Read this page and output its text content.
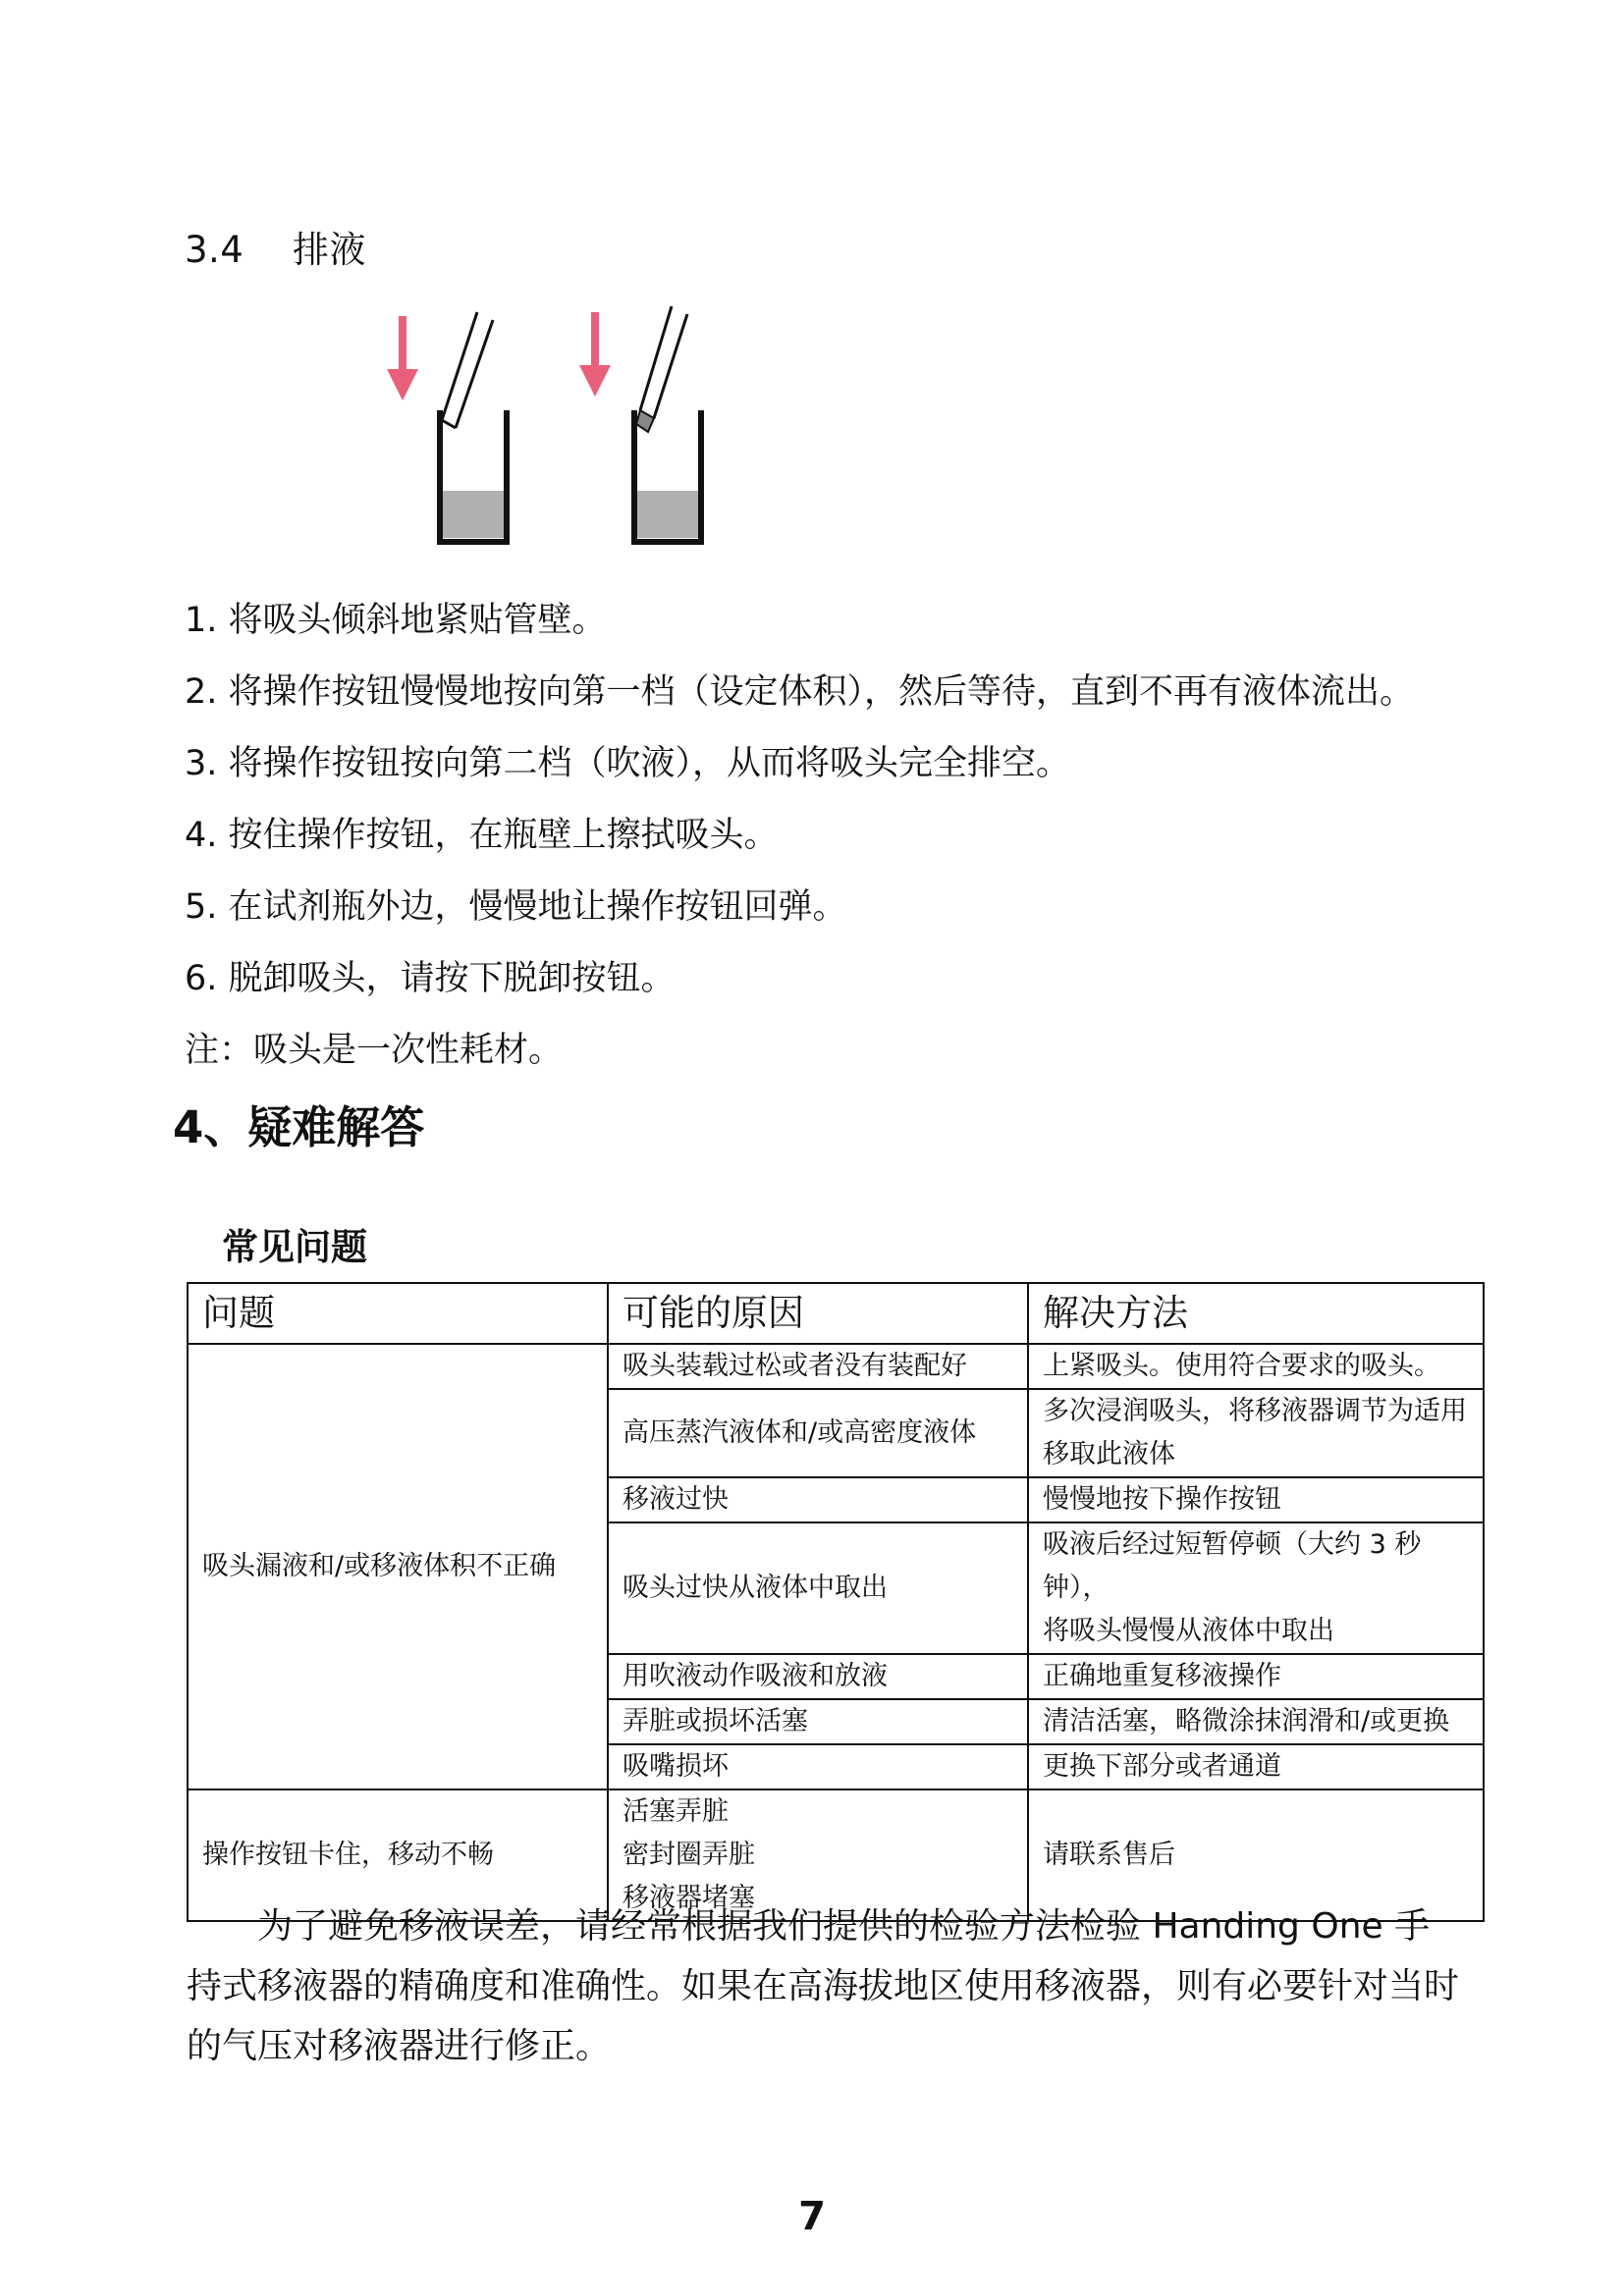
3.4 排液
1. 将吸头倾斜地紧贴管壁。
2. 将操作按钮慢慢地按向第一档（设定体积），然后等待，直到不再有液体流出。
3. 将操作按钮按向第二档（吹液），从而将吸头完全排空。
4. 按住操作按钮，在瓶壁上擦拭吸头。
5. 在试剂瓶外边，慢慢地让操作按钮回弹。
6. 脱卸吸头，请按下脱卸按钮。
注：吸头是一次性耗材。
4、疑难解答
常见问题
问题	可能的原因	解决方法
吸头漏液和/或移液体积不正确	吸头装载过松或者没有装配好	上紧吸头。使用符合要求的吸头。

	高压蒸汽液体和/或高密度液体	多次浸润吸头，将移液器调节为适用
移取此液体

	移液过快	慢慢地按下操作按钮

	吸头过快从液体中取出	吸液后经过短暂停顿（大约 3 秒钟），
将吸头慢慢从液体中取出

	用吹液动作吸液和放液	正确地重复移液操作

	弄脏或损坏活塞	清洁活塞，略微涂抹润滑和/或更换

	吸嘴损坏	更换下部分或者通道

操作按钮卡住，移动不畅	活塞弄脏
密封圈弄脏
移液器堵塞	请联系售后
为了避免移液误差，请经常根据我们提供的检验方法检验 Handing One 手持式移液器的精确度和准确性。如果在高海拔地区使用移液器，则有必要针对当时的气压对移液器进行修正。
7
